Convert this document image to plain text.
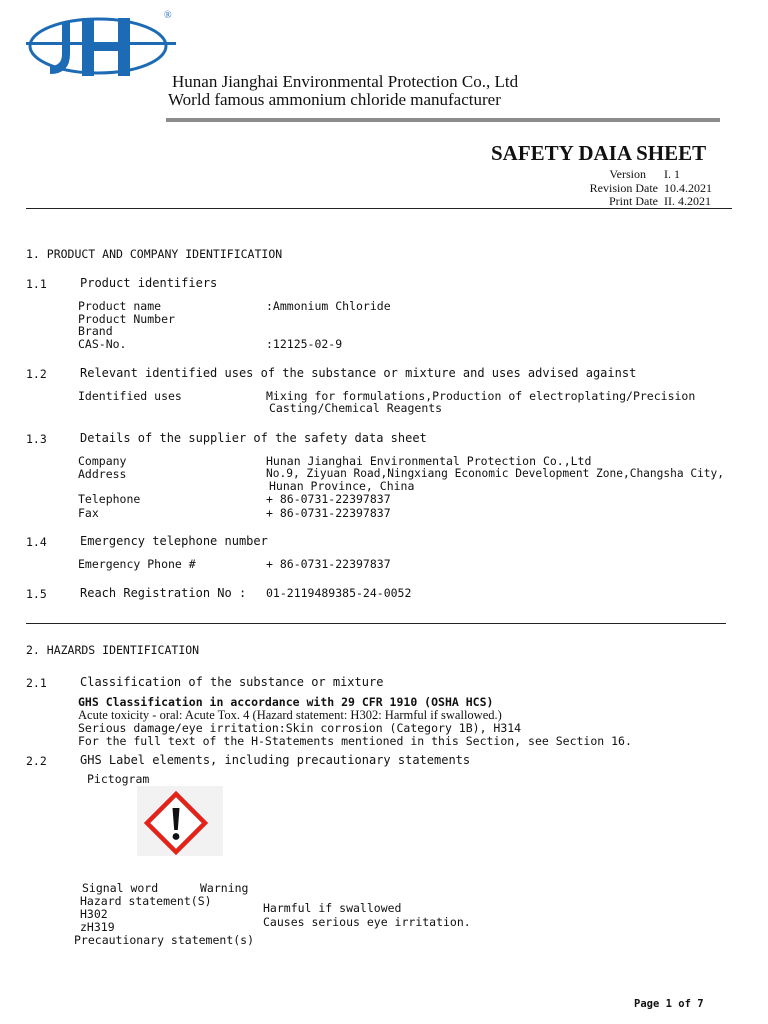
®
Hunan Jianghai Environmental Protection Co., Ltd
World famous ammonium chloride manufacturer
SAFETY DAIA SHEET
Version I. 1
Revision Date 10.4.2021
Print Date II. 4.2021
1. PRODUCT AND COMPANY IDENTIFICATION
1.1	Product identifiers
Product name	:Ammonium Chloride
Product Number
Brand
CAS-No.	:12125-02-9
1.2	Relevant identified uses of the substance or mixture and uses advised against
Identified uses	Mixing for formulations,Production of electroplating/Precision
Casting/Chemical Reagents
1.3	Details of the supplier of the safety data sheet
Company	Hunan Jianghai Environmental Protection Co.,Ltd
Address	No.9, Ziyuan Road,Ningxiang Economic Development Zone,Changsha City,
Hunan Province, China
Telephone	+ 86-0731-22397837
Fax	+ 86-0731-22397837
1.4	Emergency telephone number
Emergency Phone #	+ 86-0731-22397837
1.5	Reach Registration No : 01-2119489385-24-0052
2. HAZARDS IDENTIFICATION
2.1	Classification of the substance or mixture
GHS Classification in accordance with 29 CFR 1910 (OSHA HCS)
Acute toxicity - oral: Acute Tox. 4 (Hazard statement: H302: Harmful if swallowed.)
Serious damage/eye irritation:Skin corrosion (Category 1B), H314
For the full text of the H-Statements mentioned in this Section, see Section 16.
2.2	GHS Label elements, including precautionary statements
Pictogram
Signal word	Warning
Hazard statement(S)
H302	Harmful if swallowed
zH319	Causes serious eye irritation.
Precautionary statement(s)
Page 1 of 7
